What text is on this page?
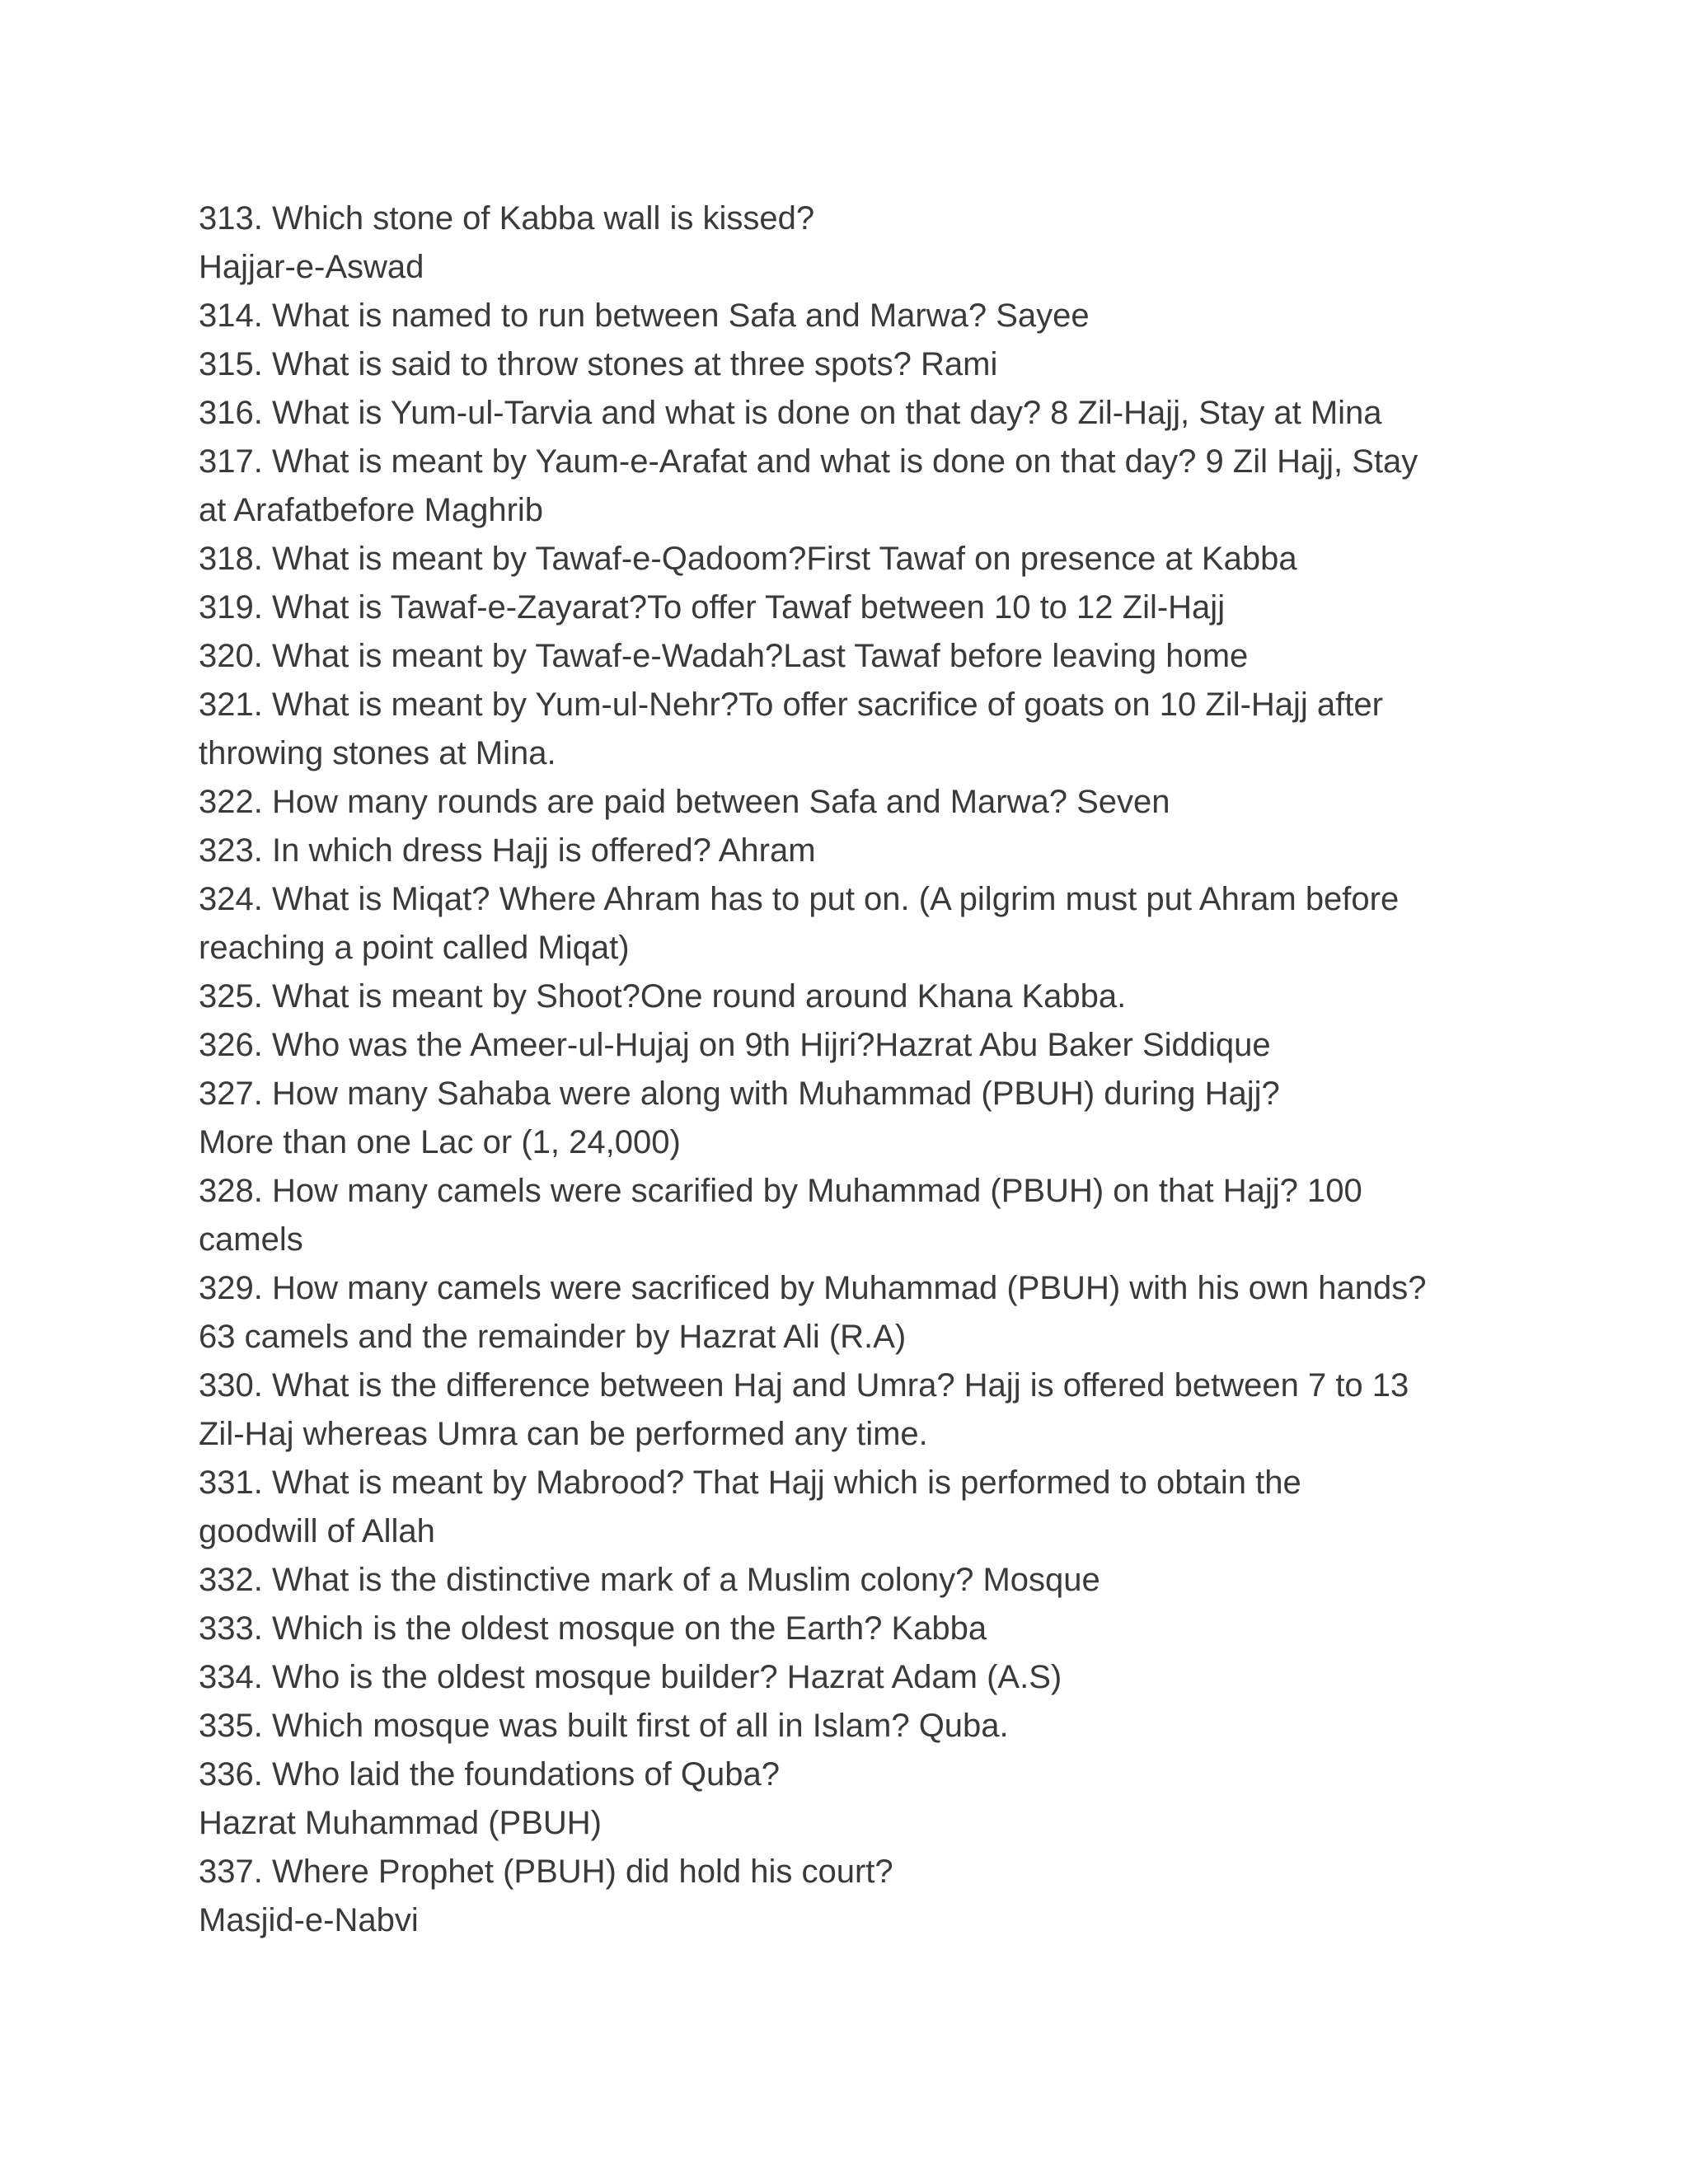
313. Which stone of Kabba wall is kissed?
Hajjar-e-Aswad
314. What is named to run between Safa and Marwa? Sayee
315. What is said to throw stones at three spots? Rami
316. What is Yum-ul-Tarvia and what is done on that day? 8 Zil-Hajj, Stay at Mina
317. What is meant by Yaum-e-Arafat and what is done on that day? 9 Zil Hajj, Stay
at Arafatbefore Maghrib
318. What is meant by Tawaf-e-Qadoom?First Tawaf on presence at Kabba
319. What is Tawaf-e-Zayarat?To offer Tawaf between 10 to 12 Zil-Hajj
320. What is meant by Tawaf-e-Wadah?Last Tawaf before leaving home
321. What is meant by Yum-ul-Nehr?To offer sacrifice of goats on 10 Zil-Hajj after
throwing stones at Mina.
322. How many rounds are paid between Safa and Marwa? Seven
323. In which dress Hajj is offered? Ahram
324. What is Miqat? Where Ahram has to put on. (A pilgrim must put Ahram before
reaching a point called Miqat)
325. What is meant by Shoot?One round around Khana Kabba.
326. Who was the Ameer-ul-Hujaj on 9th Hijri?Hazrat Abu Baker Siddique
327. How many Sahaba were along with Muhammad (PBUH) during Hajj?
More than one Lac or (1, 24,000)
328. How many camels were scarified by Muhammad (PBUH) on that Hajj? 100
camels
329. How many camels were sacrificed by Muhammad (PBUH) with his own hands?
63 camels and the remainder by Hazrat Ali (R.A)
330. What is the difference between Haj and Umra? Hajj is offered between 7 to 13
Zil-Haj whereas Umra can be performed any time.
331. What is meant by Mabrood? That Hajj which is performed to obtain the
goodwill of Allah
332. What is the distinctive mark of a Muslim colony? Mosque
333. Which is the oldest mosque on the Earth? Kabba
334. Who is the oldest mosque builder? Hazrat Adam (A.S)
335. Which mosque was built first of all in Islam? Quba.
336. Who laid the foundations of Quba?
Hazrat Muhammad (PBUH)
337. Where Prophet (PBUH) did hold his court?
Masjid-e-Nabvi
